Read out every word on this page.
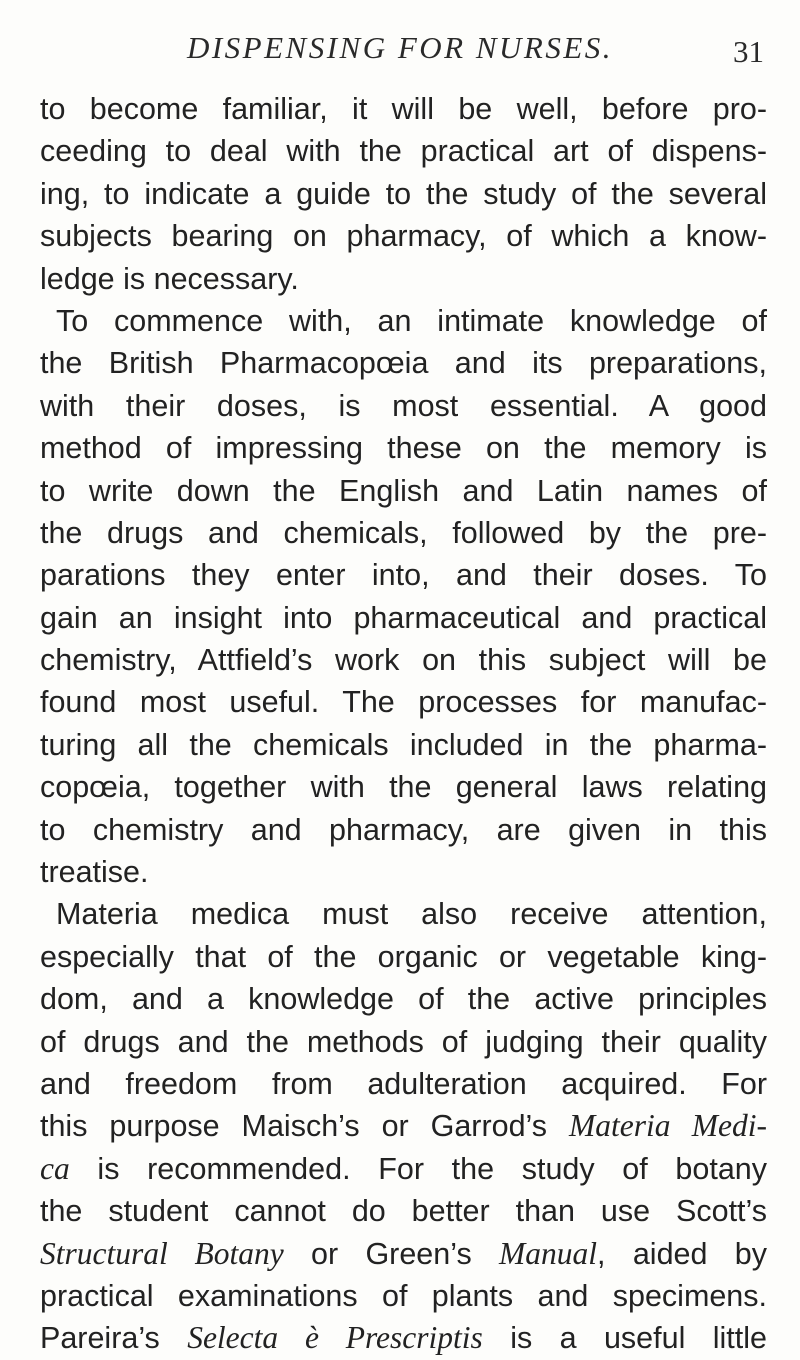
DISPENSING FOR NURSES.	31
to become familiar, it will be well, before pro-
ceeding to deal with the practical art of dispens-
ing, to indicate a guide to the study of the several
subjects bearing on pharmacy, of which a know-
ledge is necessary.
To commence with, an intimate knowledge of
the British Pharmacopœia and its preparations,
with their doses, is most essential. A good
method of impressing these on the memory is
to write down the English and Latin names of
the drugs and chemicals, followed by the pre-
parations they enter into, and their doses. To
gain an insight into pharmaceutical and practical
chemistry, Attfield’s work on this subject will be
found most useful. The processes for manufac-
turing all the chemicals included in the pharma-
copœia, together with the general laws relating
to chemistry and pharmacy, are given in this
treatise.
Materia medica must also receive attention,
especially that of the organic or vegetable king-
dom, and a knowledge of the active principles
of drugs and the methods of judging their quality
and freedom from adulteration acquired. For
this purpose Maisch’s or Garrod’s Materia Medi-
ca is recommended. For the study of botany
the student cannot do better than use Scott’s
Structural Botany or Green’s Manual, aided by
practical examinations of plants and specimens.
Pareira’s Selecta è Prescriptis is a useful little
